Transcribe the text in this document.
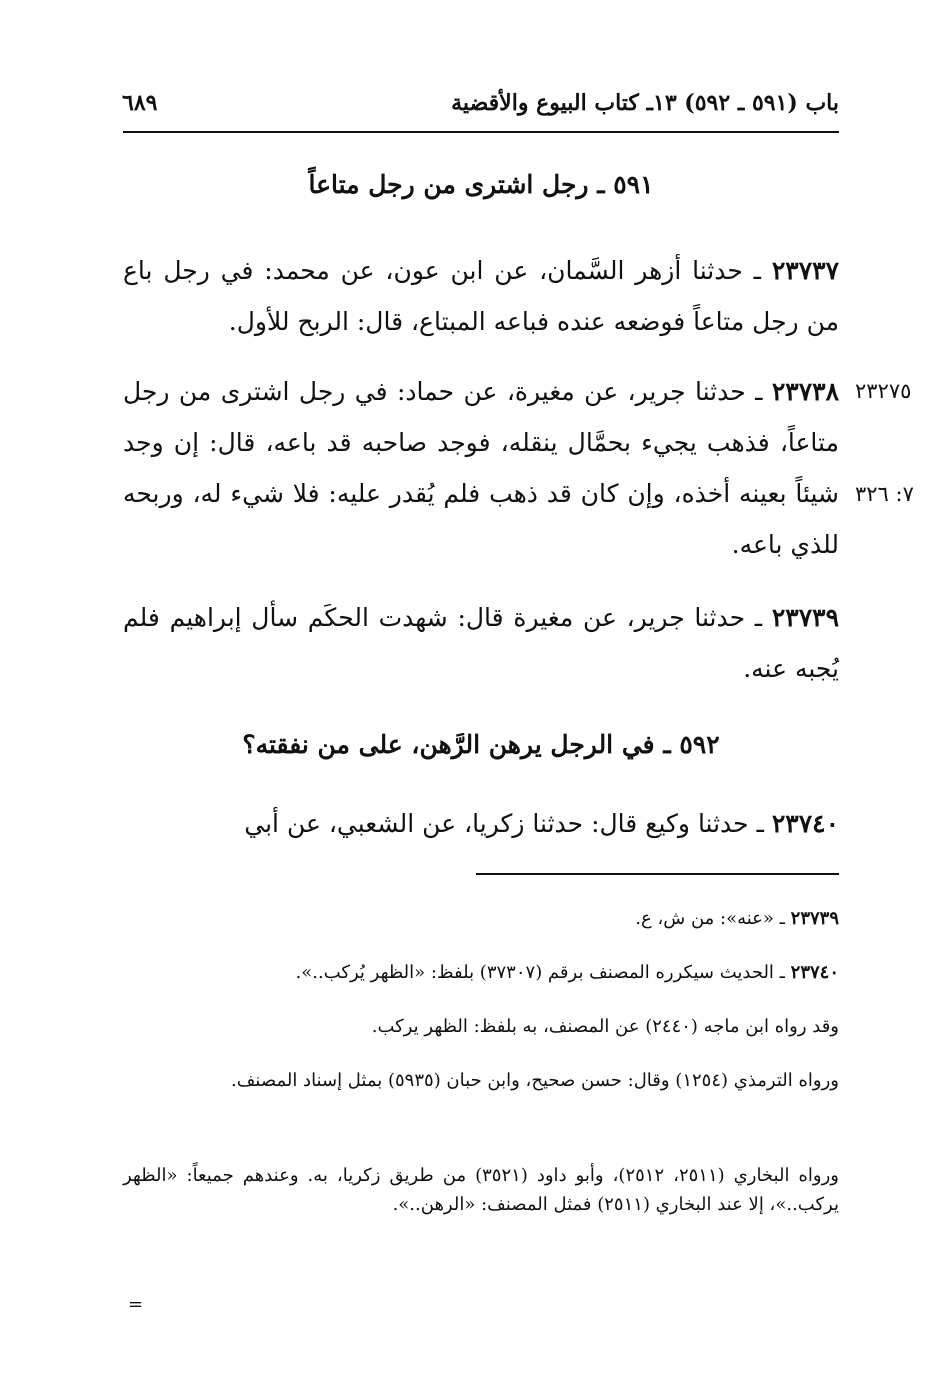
باب (٥٩١ ـ ٥٩٢) ١٣ـ كتاب البيوع والأقضية
٦٨٩
٥٩١ ـ رجل اشترى من رجل متاعاً
٢٣٧٣٧ ـ حدثنا أزهر السَّمان، عن ابن عون، عن محمد: في رجل باع من رجل متاعاً فوضعه عنده فباعه المبتاع، قال: الربح للأول.
٢٣٢٧٥
٧: ٣٢٦
٢٣٧٣٨ ـ حدثنا جرير، عن مغيرة، عن حماد: في رجل اشترى من رجل متاعاً، فذهب يجيء بحمَّال ينقله، فوجد صاحبه قد باعه، قال: إن وجد شيئاً بعينه أخذه، وإن كان قد ذهب فلم يُقدر عليه: فلا شيء له، وربحه للذي باعه.
٢٣٧٣٩ ـ حدثنا جرير، عن مغيرة قال: شهدت الحكَم سأل إبراهيم فلم يُجبه عنه.
٥٩٢ ـ في الرجل يرهن الرَّهن، على من نفقته؟
٢٣٧٤٠ ـ حدثنا وكيع قال: حدثنا زكريا، عن الشعبي، عن أبي
٢٣٧٣٩ ـ «عنه»: من ش، ع.
٢٣٧٤٠ ـ الحديث سيكرره المصنف برقم (٣٧٣٠٧) بلفظ: «الظهر يُركب..».
وقد رواه ابن ماجه (٢٤٤٠) عن المصنف، به بلفظ: الظهر يركب.
ورواه الترمذي (١٢٥٤) وقال: حسن صحيح، وابن حبان (٥٩٣٥) بمثل إسناد المصنف.
ورواه البخاري (٢٥١١، ٢٥١٢)، وأبو داود (٣٥٢١) من طريق زكريا، به. وعندهم جميعاً: «الظهر يركب..»، إلا عند البخاري (٢٥١١) فمثل المصنف: «الرهن..».
=
